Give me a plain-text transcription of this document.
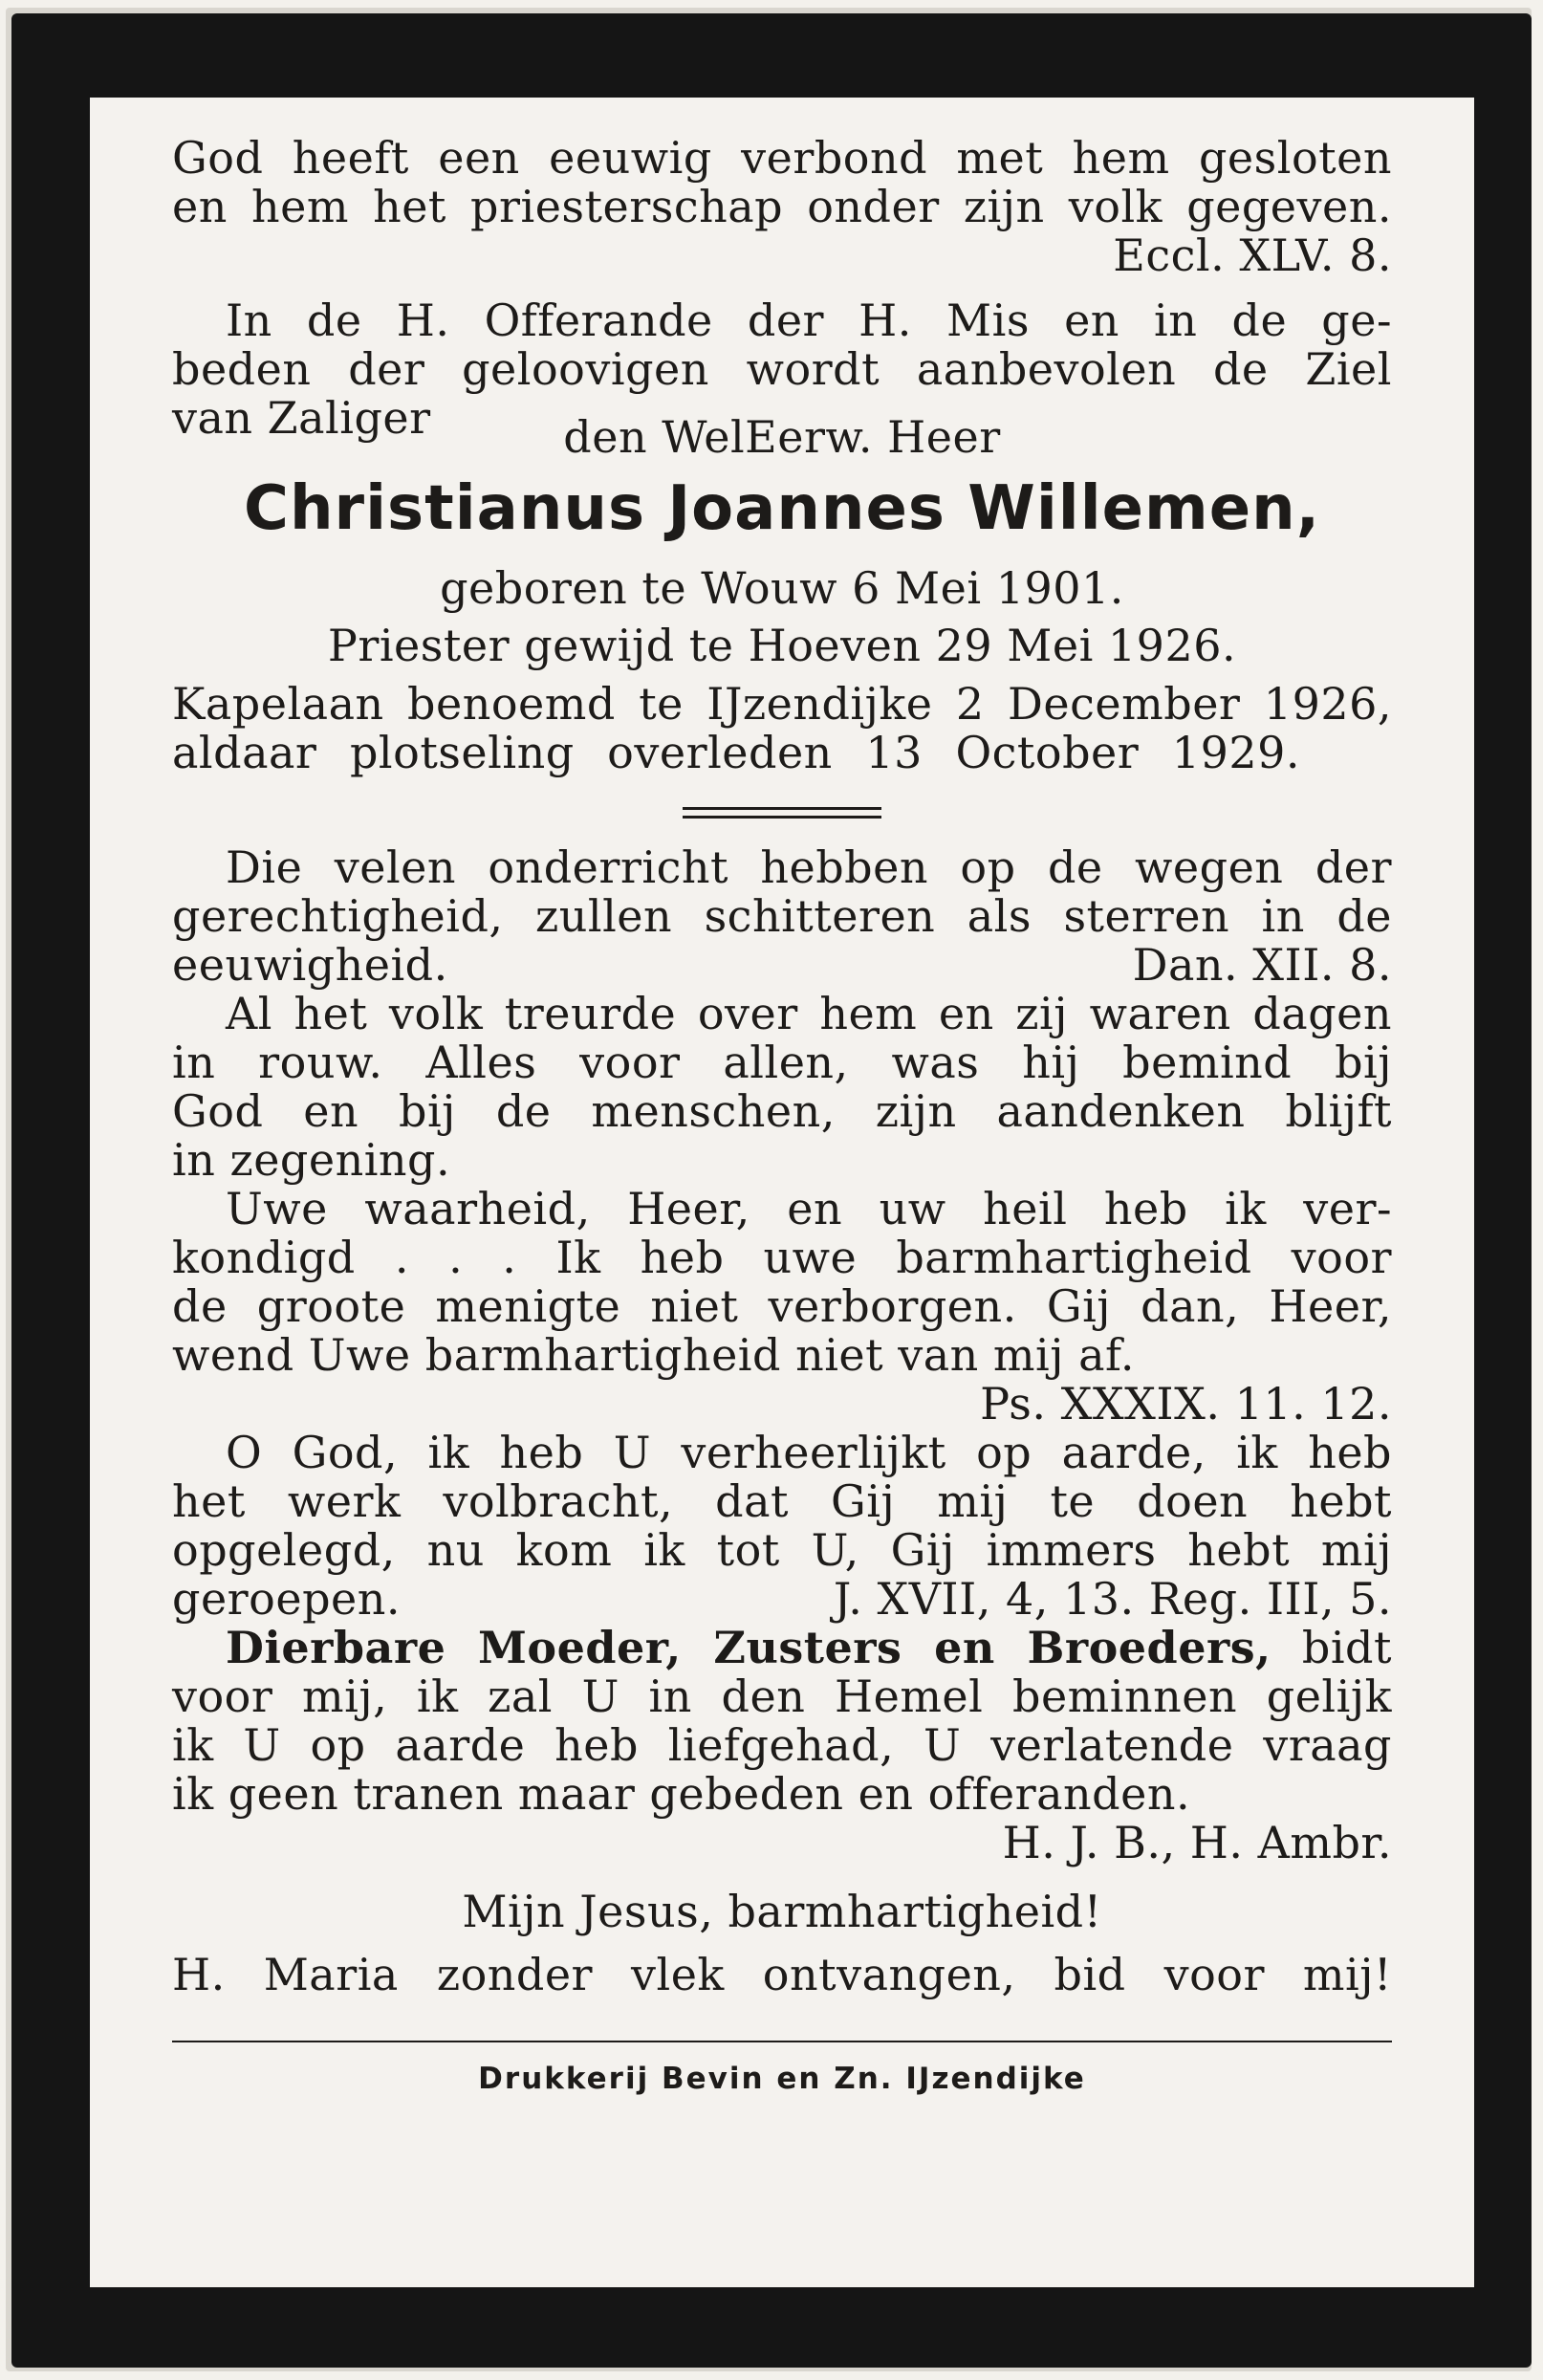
God heeft een eeuwig verbond met hem gesloten
en hem het priesterschap onder zijn volk gegeven.
Eccl. XLV. 8.
In de H. Offerande der H. Mis en in de ge-
beden der geloovigen wordt aanbevolen de Ziel
van Zaliger	den WelEerw. Heer
Christianus Joannes Willemen,
geboren te Wouw 6 Mei 1901.
Priester gewijd te Hoeven 29 Mei 1926.
Kapelaan benoemd te IJzendijke 2 December 1926,
aldaar plotseling overleden 13 October 1929.
Die velen onderricht hebben op de wegen der
gerechtigheid, zullen schitteren als sterren in de
eeuwigheid.	Dan. XII. 8.
Al het volk treurde over hem en zij waren dagen
in rouw. Alles voor allen, was hij bemind bij
God en bij de menschen, zijn aandenken blijft
in zegening.
Uwe waarheid, Heer, en uw heil heb ik ver-
kondigd . . . Ik heb uwe barmhartigheid voor
de groote menigte niet verborgen. Gij dan, Heer,
wend Uwe barmhartigheid niet van mij af.
Ps. XXXIX. 11. 12.
O God, ik heb U verheerlijkt op aarde, ik heb
het werk volbracht, dat Gij mij te doen hebt
opgelegd, nu kom ik tot U, Gij immers hebt mij
geroepen.	J. XVII, 4, 13. Reg. III, 5.
Dierbare Moeder, Zusters en Broeders, bidt
voor mij, ik zal U in den Hemel beminnen gelijk
ik U op aarde heb liefgehad, U verlatende vraag
ik geen tranen maar gebeden en offeranden.
H. J. B., H. Ambr.
Mijn Jesus, barmhartigheid!
H. Maria zonder vlek ontvangen, bid voor mij!
Drukkerij Bevin en Zn. IJzendijke
